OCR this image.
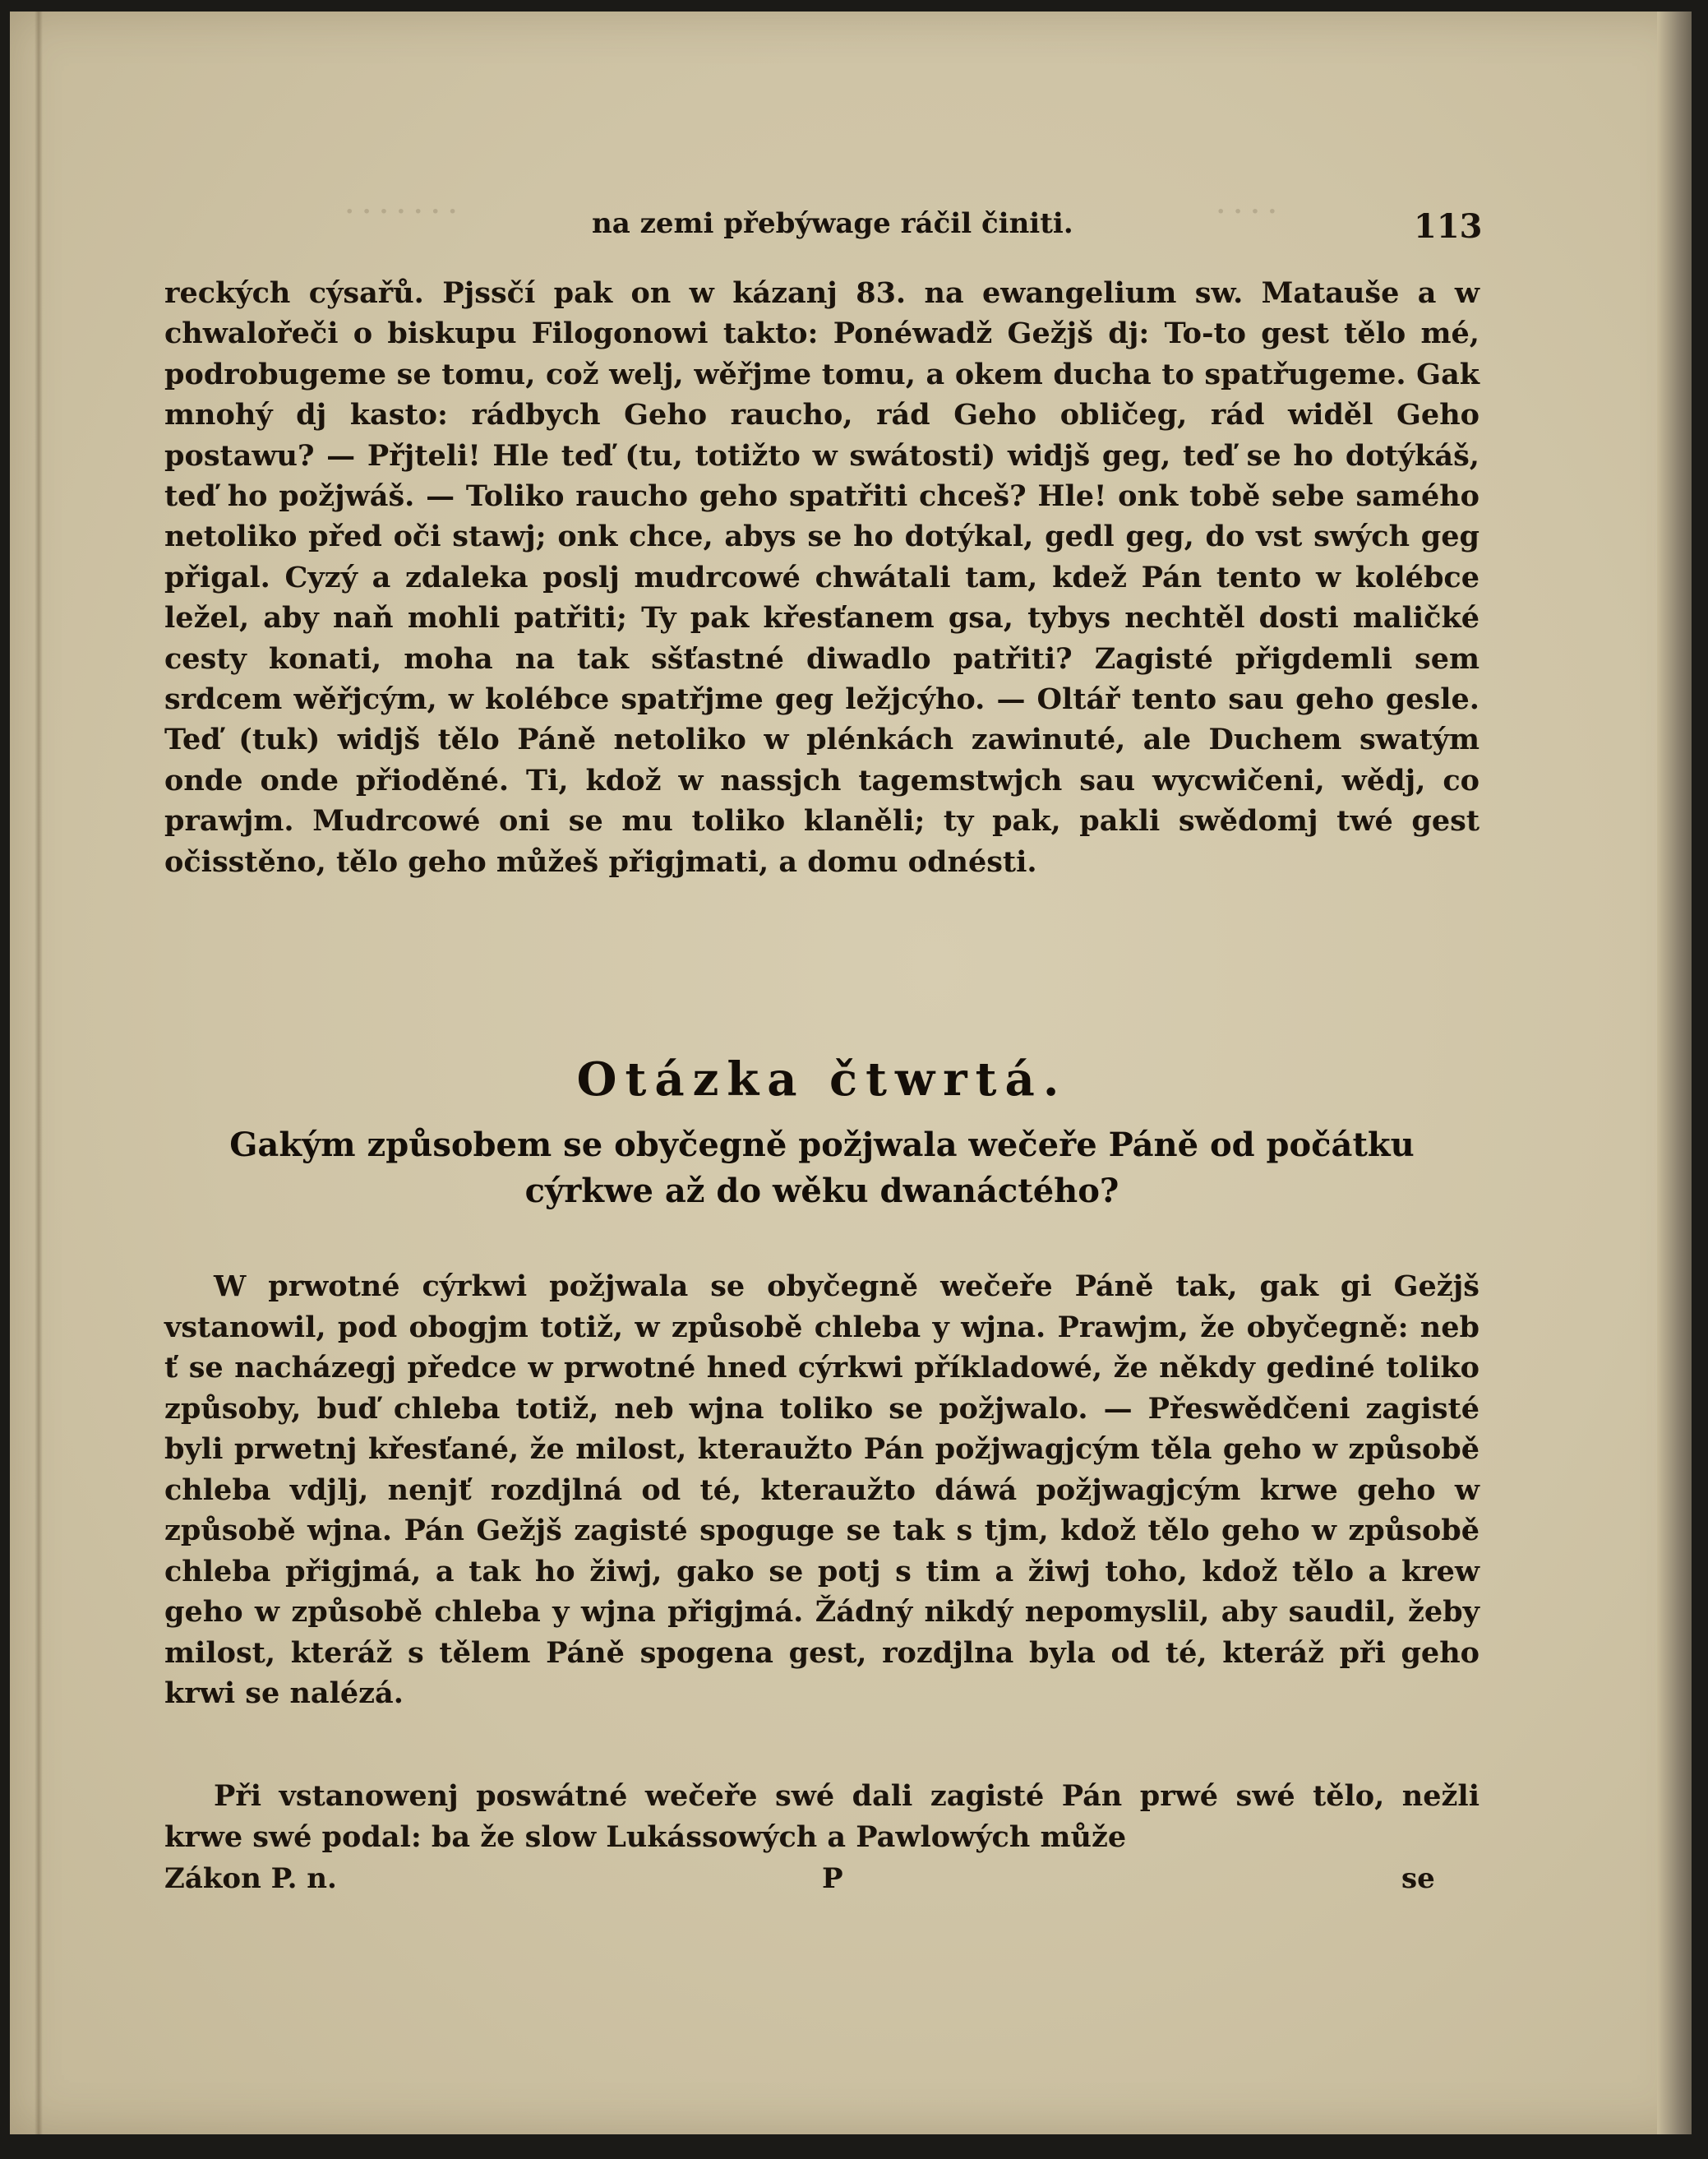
· · · · · · ·	· · · ·
na zemi přebýwage ráčil činiti.	113

reckých cýsařů. Pjssčí pak on w kázanj 83. na ewangelium sw. Matauše a w chwalořeči o biskupu Filogonowi takto: Ponéwadž Gežjš dj: To-to gest tělo mé, podrobugeme se tomu, což welj, wěřjme tomu, a okem ducha to spatřugeme. Gak mnohý dj kasto: rádbych Geho raucho, rád Geho obličeg, rád widěl Geho postawu? — Přjteli! Hle teď (tu, totižto w swátosti) widjš geg, teď se ho dotýkáš, teď ho požjwáš. — Toliko raucho geho spatřiti chceš? Hle! onk tobě sebe samého netoliko před oči stawj; onk chce, abys se ho dotýkal, gedl geg, do vst swých geg přigal. Cyzý a zdaleka poslj mudrcowé chwátali tam, kdež Pán tento w kolébce ležel, aby naň mohli patřiti; Ty pak křesťanem gsa, tybys nechtěl dosti maličké cesty konati, moha na tak sšťastné diwadlo patřiti? Zagisté přigdemli sem srdcem wěřjcým, w kolébce spatřjme geg ležjcýho. — Oltář tento sau geho gesle. Teď (tuk) widjš tělo Páně netoliko w plénkách zawinuté, ale Duchem swatým onde onde přioděné. Ti, kdož w nassjch tagemstwjch sau wycwičeni, wědj, co prawjm. Mudrcowé oni se mu toliko klaněli; ty pak, pakli swědomj twé gest očisstěno, tělo geho můžeš přigjmati, a domu odnésti.

Otázka čtwrtá.

Gakým způsobem se obyčegně požjwala wečeře Páně od počátku cýrkwe až do wěku dwanáctého?

W prwotné cýrkwi požjwala se obyčegně wečeře Páně tak, gak gi Gežjš vstanowil, pod obogjm totiž, w způsobě chleba y wjna. Prawjm, že obyčegně: neb ť se nacházegj předce w prwotné hned cýrkwi příkladowé, že někdy gediné toliko způsoby, buď chleba totiž, neb wjna toliko se požjwalo. — Přeswědčeni zagisté byli prwetnj křesťané, že milost, kteraužto Pán požjwagjcým těla geho w způsobě chleba vdjlj, nenjť rozdjlná od té, kteraužto dáwá požjwagjcým krwe geho w způsobě wjna. Pán Gežjš zagisté spoguge se tak s tjm, kdož tělo geho w způsobě chleba přigjmá, a tak ho žiwj, gako se potj s tim a žiwj toho, kdož tělo a krew geho w způsobě chleba y wjna přigjmá. Žádný nikdý nepomyslil, aby saudil, žeby milost, kteráž s tělem Páně spogena gest, rozdjlna byla od té, kteráž při geho krwi se nalézá.

Při vstanowenj poswátné wečeře swé dali zagisté Pán prwé swé tělo, nežli krwe swé podal: ba že slow Lukássowých a Pawlowých může

Zákon P. n.	P	se
